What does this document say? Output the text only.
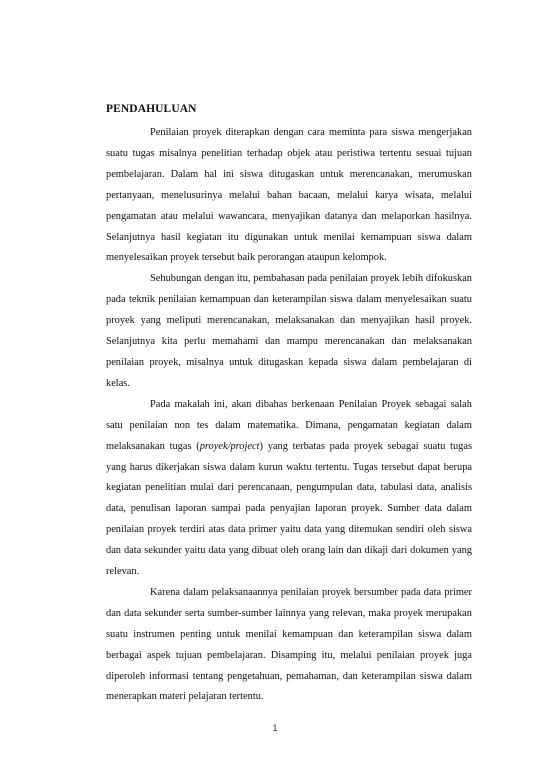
PENDAHULUAN

Penilaian proyek diterapkan dengan cara meminta para siswa mengerjakan suatu tugas misalnya penelitian terhadap objek atau peristiwa tertentu sesuai tujuan pembelajaran. Dalam hal ini siswa ditugaskan untuk merencanakan, merumuskan pertanyaan, menelusurinya melalui bahan bacaan, melalui karya wisata, melalui pengamatan atau melalui wawancara, menyajikan datanya dan melaporkan hasilnya. Selanjutnya hasil kegiatan itu digunakan untuk menilai kemampuan siswa dalam menyelesaikan proyek tersebut baik perorangan ataupun kelompok.

Sehubungan dengan itu, pembahasan pada penilaian proyek lebih difokuskan pada teknik penilaian kemampuan dan keterampilan siswa dalam menyelesaikan suatu proyek yang meliputi merencanakan, melaksanakan dan menyajikan hasil proyek. Selanjutnya kita perlu memahami dan mampu merencanakan dan melaksanakan penilaian proyek, misalnya untuk ditugaskan kepada siswa dalam pembelajaran di kelas.

Pada makalah ini, akan dibahas berkenaan Penilaian Proyek sebagai salah satu penilaian non tes dalam matematika. Dimana, pengamatan kegiatan dalam melaksanakan tugas (proyek/project) yang terbatas pada proyek sebagai suatu tugas yang harus dikerjakan siswa dalam kurun waktu tertentu. Tugas tersebut dapat berupa kegiatan penelitian mulai dari perencanaan, pengumpulan data, tabulasi data, analisis data, penulisan laporan sampai pada penyajian laporan proyek. Sumber data dalam penilaian proyek terdiri atas data primer yaitu data yang ditemukan sendiri oleh siswa dan data sekunder yaitu data yang dibuat oleh orang lain dan dikaji dari dokumen yang relevan.

Karena dalam pelaksanaannya penilaian proyek bersumber pada data primer dan data sekunder serta sumber-sumber lainnya yang relevan, maka proyek merupakan suatu instrumen penting untuk menilai kemampuan dan keterampilan siswa dalam berbagai aspek tujuan pembelajaran. Disamping itu, melalui penilaian proyek juga diperoleh informasi tentang pengetahuan, pemahaman, dan keterampilan siswa dalam menerapkan materi pelajaran tertentu.

1
